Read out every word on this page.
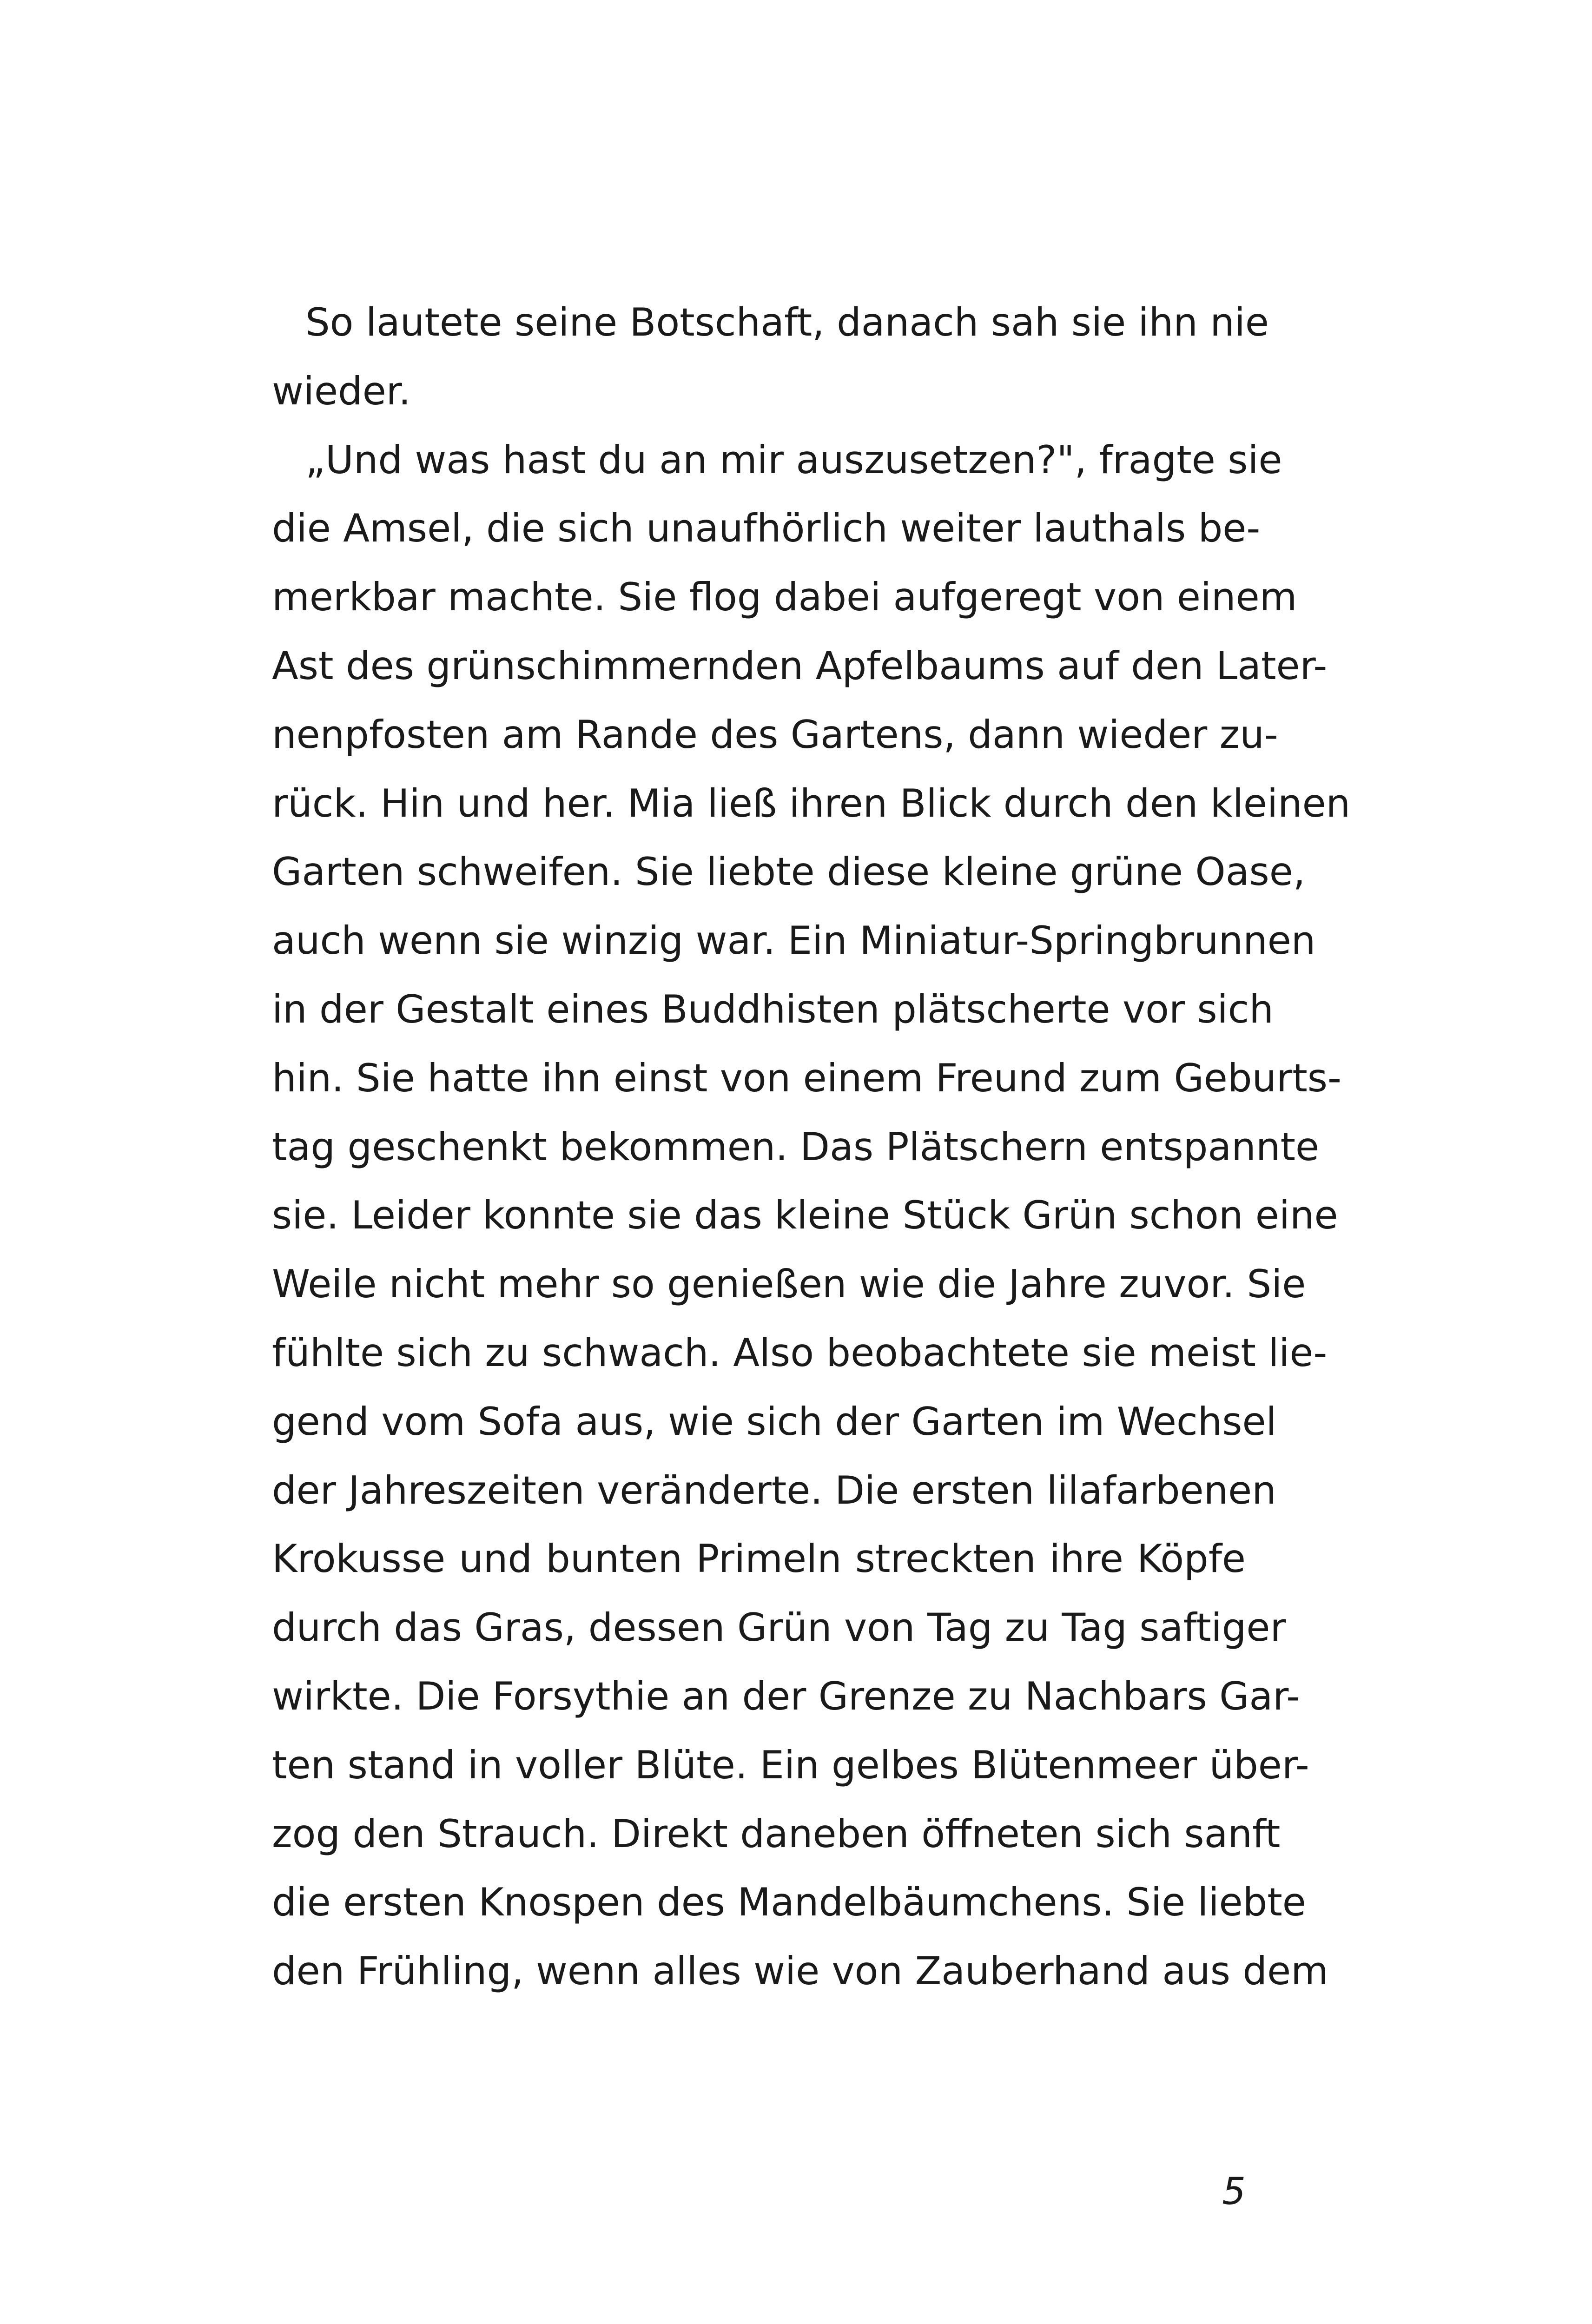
So lautete seine Botschaft, danach sah sie ihn nie
wieder.
„Und was hast du an mir auszusetzen?", fragte sie
die Amsel, die sich unaufhörlich weiter lauthals be-
merkbar machte. Sie flog dabei aufgeregt von einem
Ast des grünschimmernden Apfelbaums auf den Later-
nenpfosten am Rande des Gartens, dann wieder zu-
rück. Hin und her. Mia ließ ihren Blick durch den kleinen
Garten schweifen. Sie liebte diese kleine grüne Oase,
auch wenn sie winzig war. Ein Miniatur-Springbrunnen
in der Gestalt eines Buddhisten plätscherte vor sich
hin. Sie hatte ihn einst von einem Freund zum Geburts-
tag geschenkt bekommen. Das Plätschern entspannte
sie. Leider konnte sie das kleine Stück Grün schon eine
Weile nicht mehr so genießen wie die Jahre zuvor. Sie
fühlte sich zu schwach. Also beobachtete sie meist lie-
gend vom Sofa aus, wie sich der Garten im Wechsel
der Jahreszeiten veränderte. Die ersten lilafarbenen
Krokusse und bunten Primeln streckten ihre Köpfe
durch das Gras, dessen Grün von Tag zu Tag saftiger
wirkte. Die Forsythie an der Grenze zu Nachbars Gar-
ten stand in voller Blüte. Ein gelbes Blütenmeer über-
zog den Strauch. Direkt daneben öffneten sich sanft
die ersten Knospen des Mandelbäumchens. Sie liebte
den Frühling, wenn alles wie von Zauberhand aus dem
5
